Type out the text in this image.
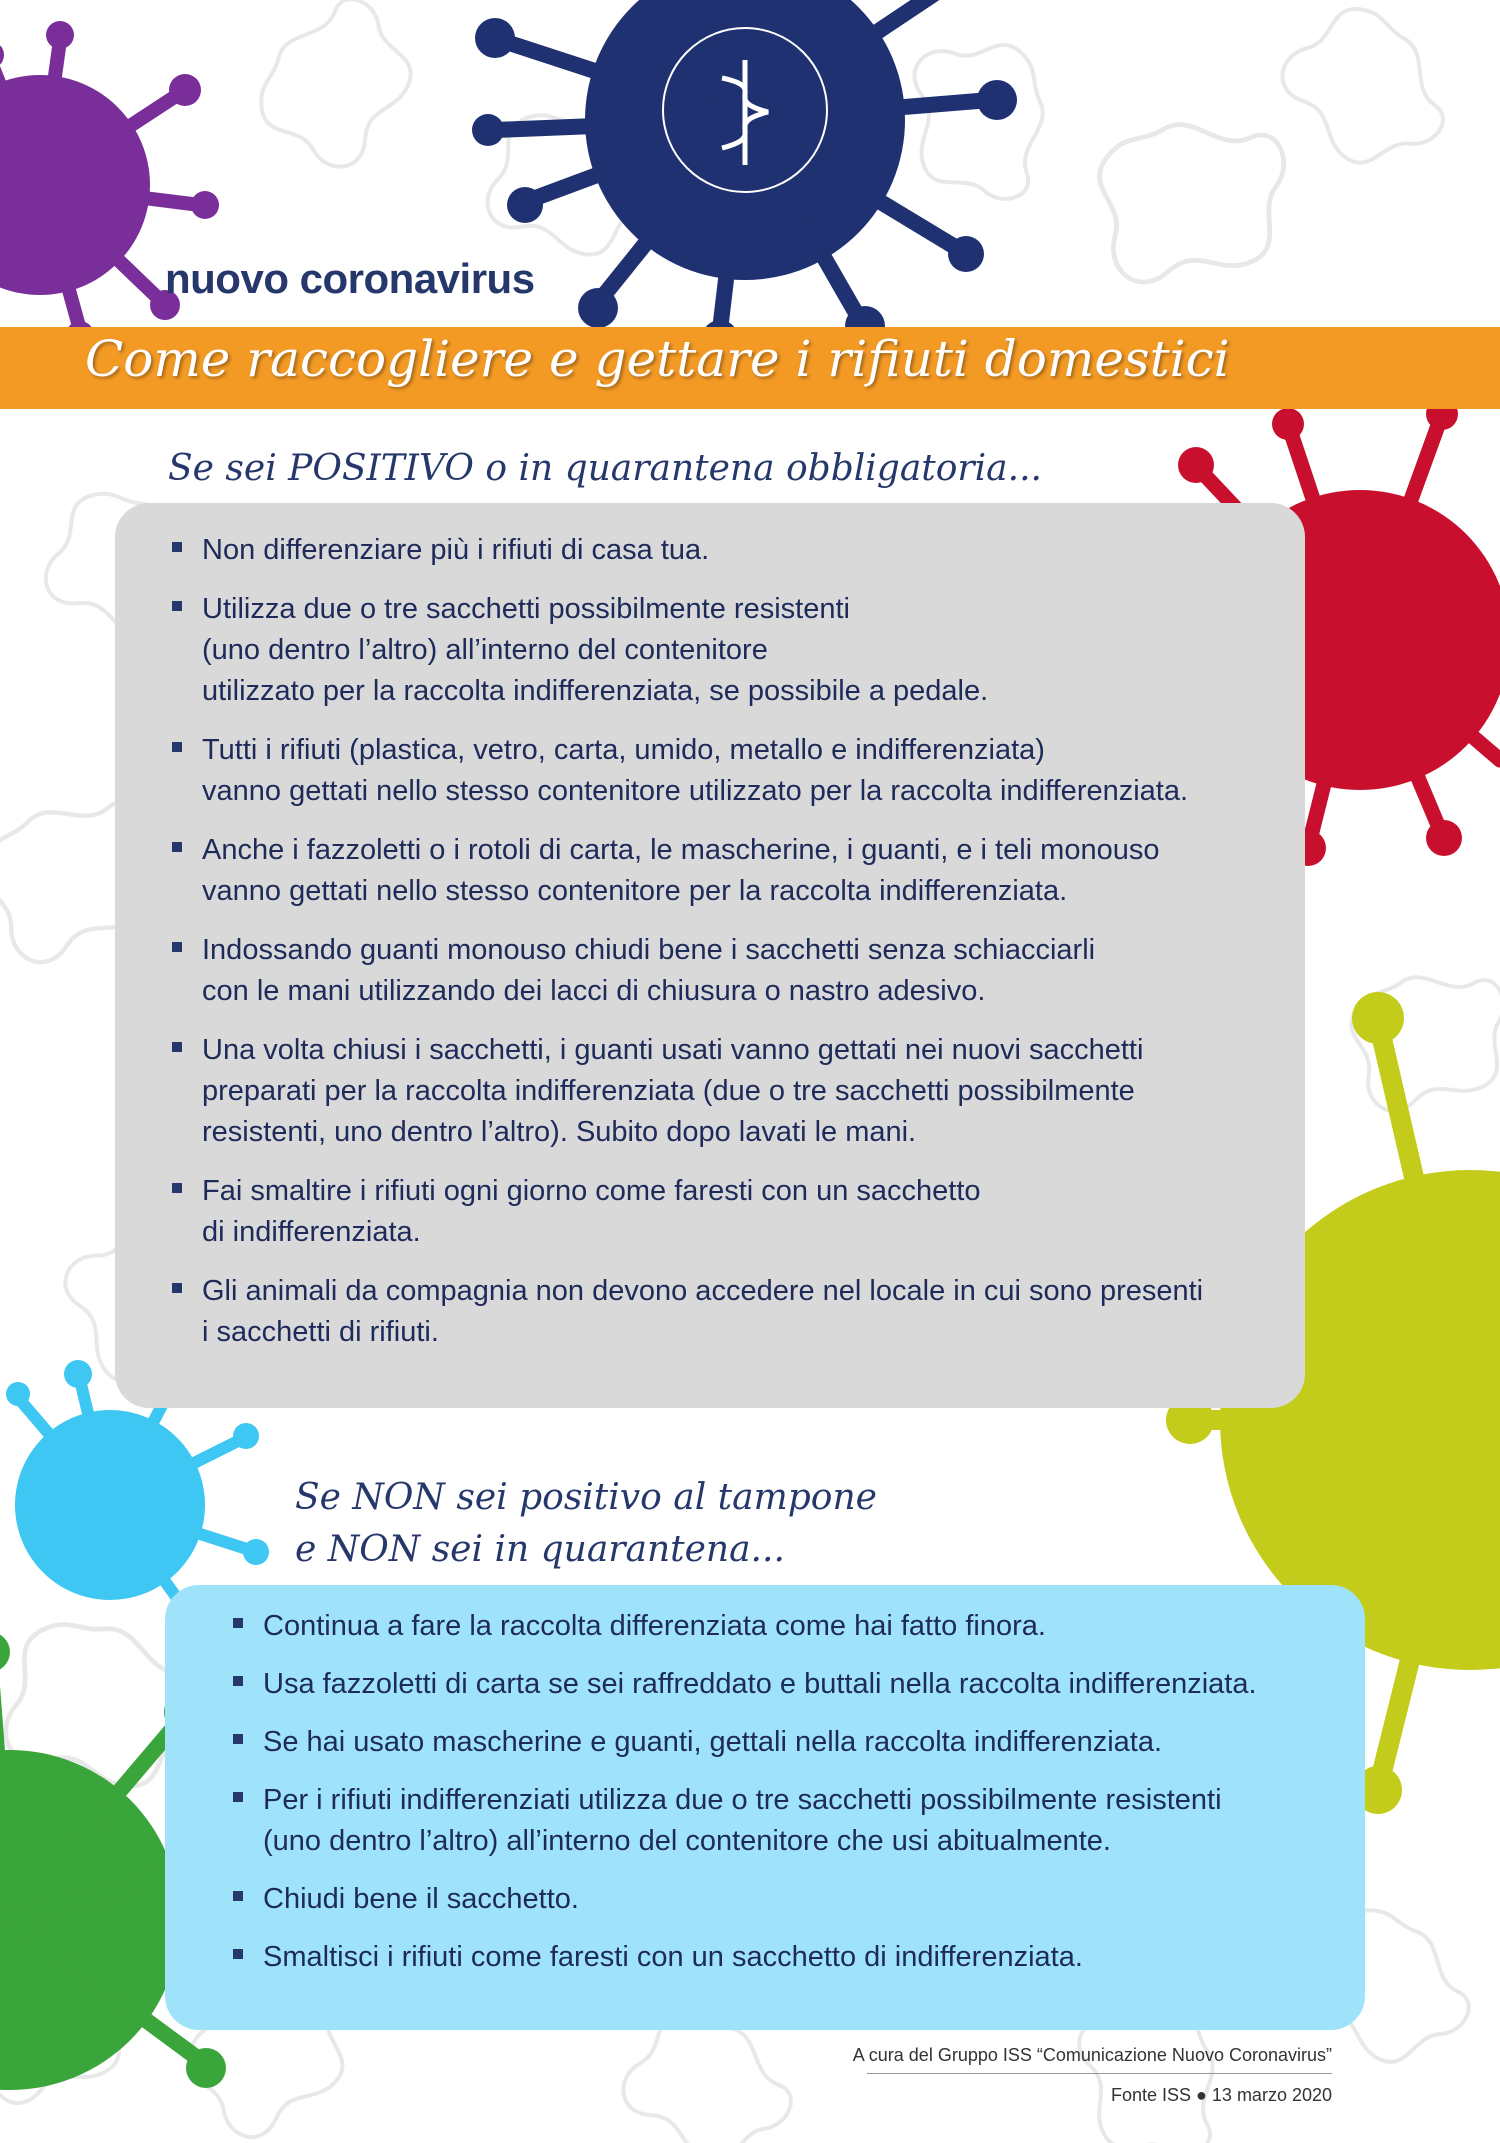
nuovo coronavirus
Come raccogliere e gettare i rifiuti domestici
Se sei POSITIVO o in quarantena obbligatoria...
Non differenziare più i rifiuti di casa tua.
Utilizza due o tre sacchetti possibilmente resistenti
(uno dentro l’altro) all’interno del contenitore
utilizzato per la raccolta indifferenziata, se possibile a pedale.
Tutti i rifiuti (plastica, vetro, carta, umido, metallo e indifferenziata)
vanno gettati nello stesso contenitore utilizzato per la raccolta indifferenziata.
Anche i fazzoletti o i rotoli di carta, le mascherine, i guanti, e i teli monouso
vanno gettati nello stesso contenitore per la raccolta indifferenziata.
Indossando guanti monouso chiudi bene i sacchetti senza schiacciarli
con le mani utilizzando dei lacci di chiusura o nastro adesivo.
Una volta chiusi i sacchetti, i guanti usati vanno gettati nei nuovi sacchetti
preparati per la raccolta indifferenziata (due o tre sacchetti possibilmente
resistenti, uno dentro l’altro). Subito dopo lavati le mani.
Fai smaltire i rifiuti ogni giorno come faresti con un sacchetto
di indifferenziata.
Gli animali da compagnia non devono accedere nel locale in cui sono presenti
i sacchetti di rifiuti.
Se NON sei positivo al tampone
e NON sei in quarantena...
Continua a fare la raccolta differenziata come hai fatto finora.
Usa fazzoletti di carta se sei raffreddato e buttali nella raccolta indifferenziata.
Se hai usato mascherine e guanti, gettali nella raccolta indifferenziata.
Per i rifiuti indifferenziati utilizza due o tre sacchetti possibilmente resistenti
(uno dentro l’altro) all’interno del contenitore che usi abitualmente.
Chiudi bene il sacchetto.
Smaltisci i rifiuti come faresti con un sacchetto di indifferenziata.
A cura del Gruppo ISS “Comunicazione Nuovo Coronavirus”
Fonte ISS ● 13 marzo 2020
